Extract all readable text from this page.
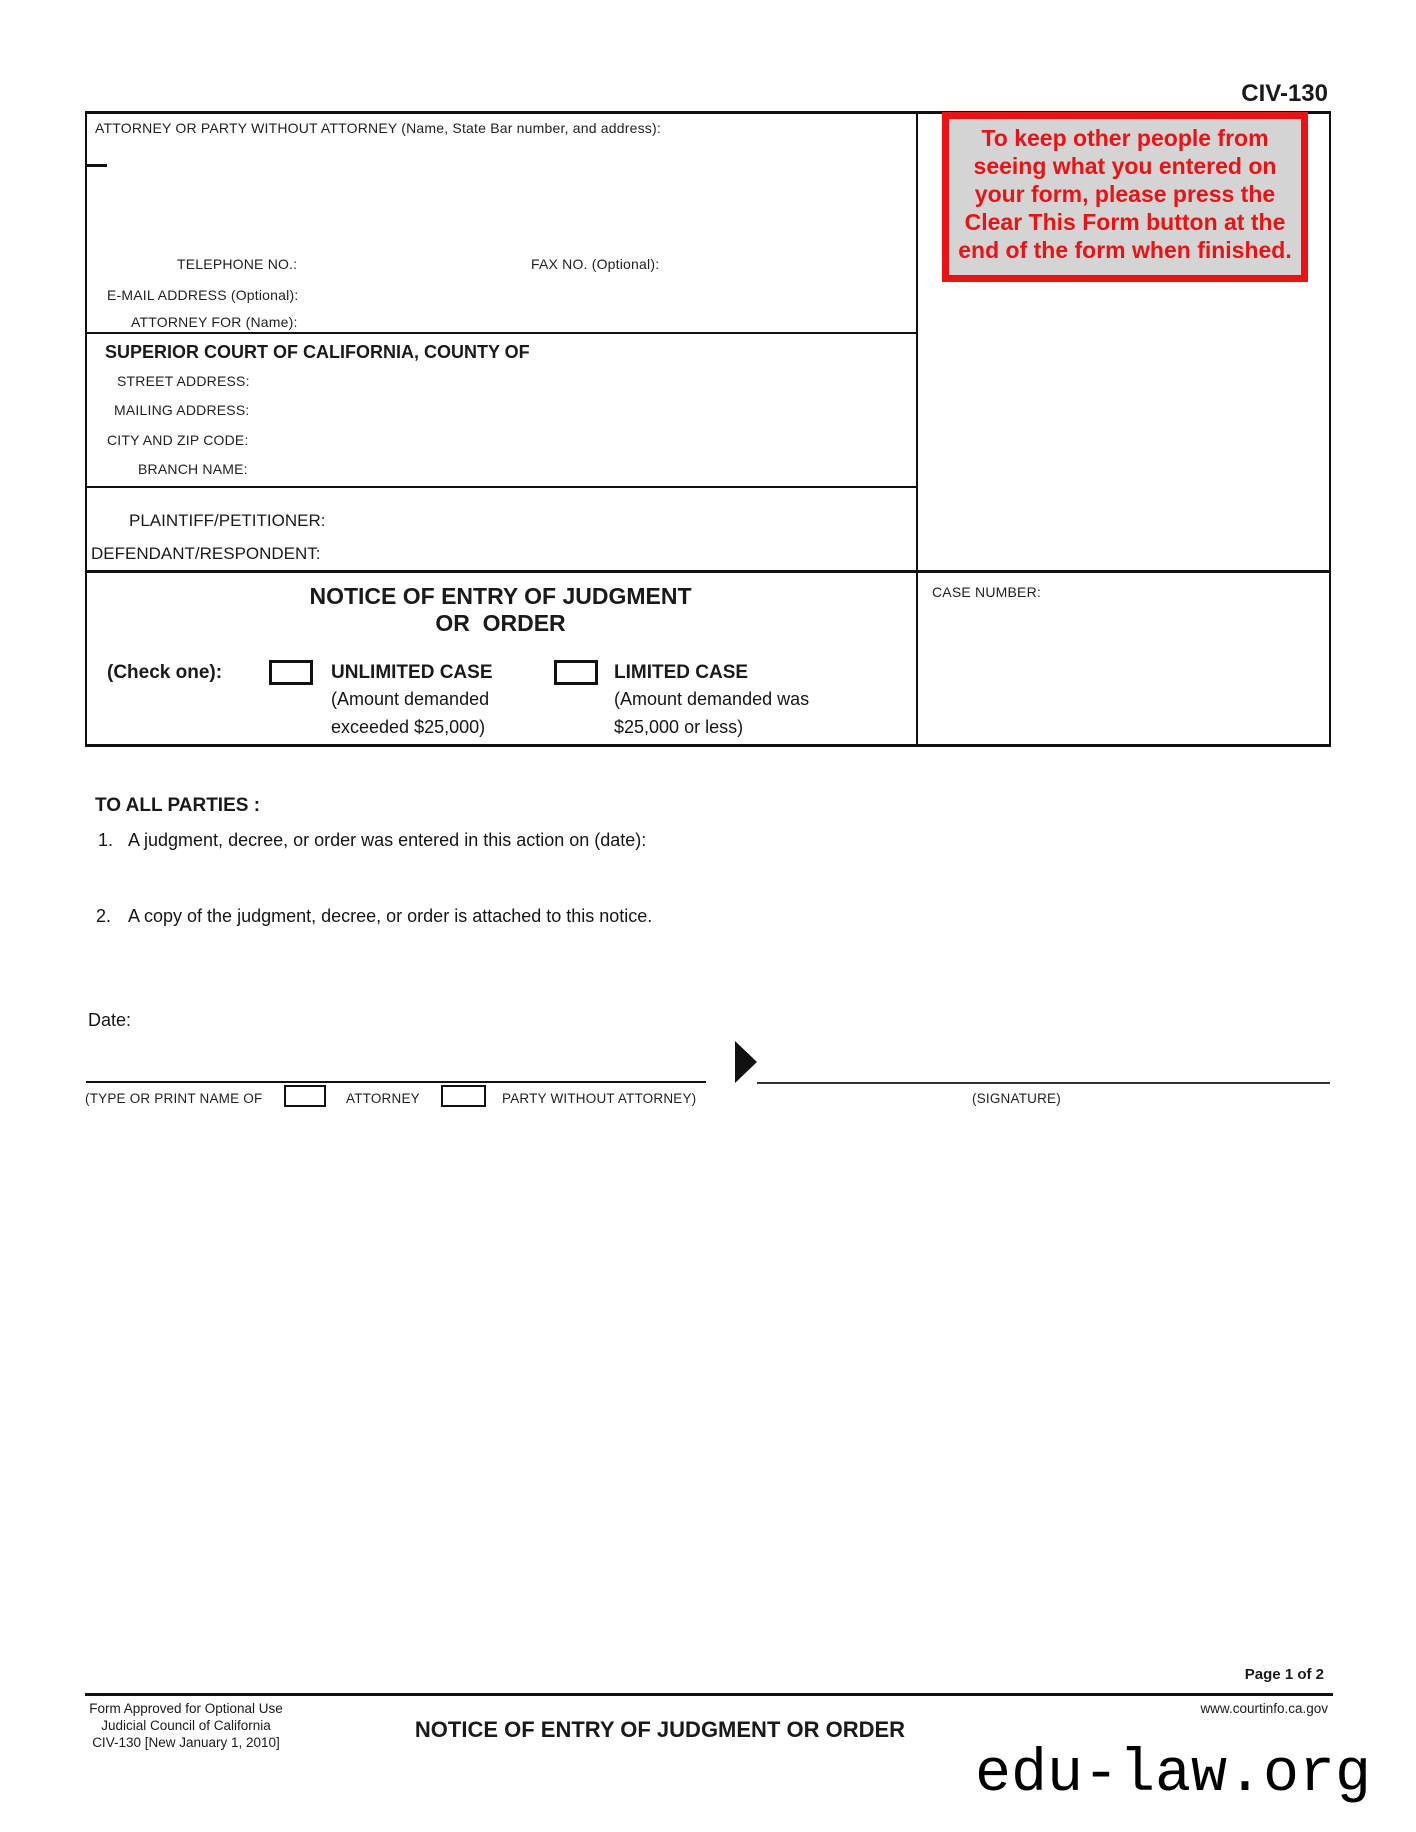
CIV-130
To keep other people from
seeing what you entered on
your form, please press the
Clear This Form button at the
end of the form when finished.
ATTORNEY OR PARTY WITHOUT ATTORNEY (Name, State Bar number, and address):
TELEPHONE NO.:	FAX NO. (Optional):
E-MAIL ADDRESS (Optional):
ATTORNEY FOR (Name):
SUPERIOR COURT OF CALIFORNIA, COUNTY OF
STREET ADDRESS:
MAILING ADDRESS:
CITY AND ZIP CODE:
BRANCH NAME:
PLAINTIFF/PETITIONER:
DEFENDANT/RESPONDENT:
CASE NUMBER:
NOTICE OF ENTRY OF JUDGMENT
OR  ORDER
(Check one):	UNLIMITED CASE
(Amount demanded
exceeded $25,000)
LIMITED CASE
(Amount demanded was
$25,000 or less)
TO ALL PARTIES :
1. A judgment, decree, or order was entered in this action on (date):
2. A copy of the judgment, decree, or order is attached to this notice.
Date:
(TYPE OR PRINT NAME OF	ATTORNEY	PARTY WITHOUT ATTORNEY)	(SIGNATURE)
Page 1 of 2
Form Approved for Optional Use
Judicial Council of California
CIV-130 [New January 1, 2010]
NOTICE OF ENTRY OF JUDGMENT OR ORDER
www.courtinfo.ca.gov
edu-law.org
